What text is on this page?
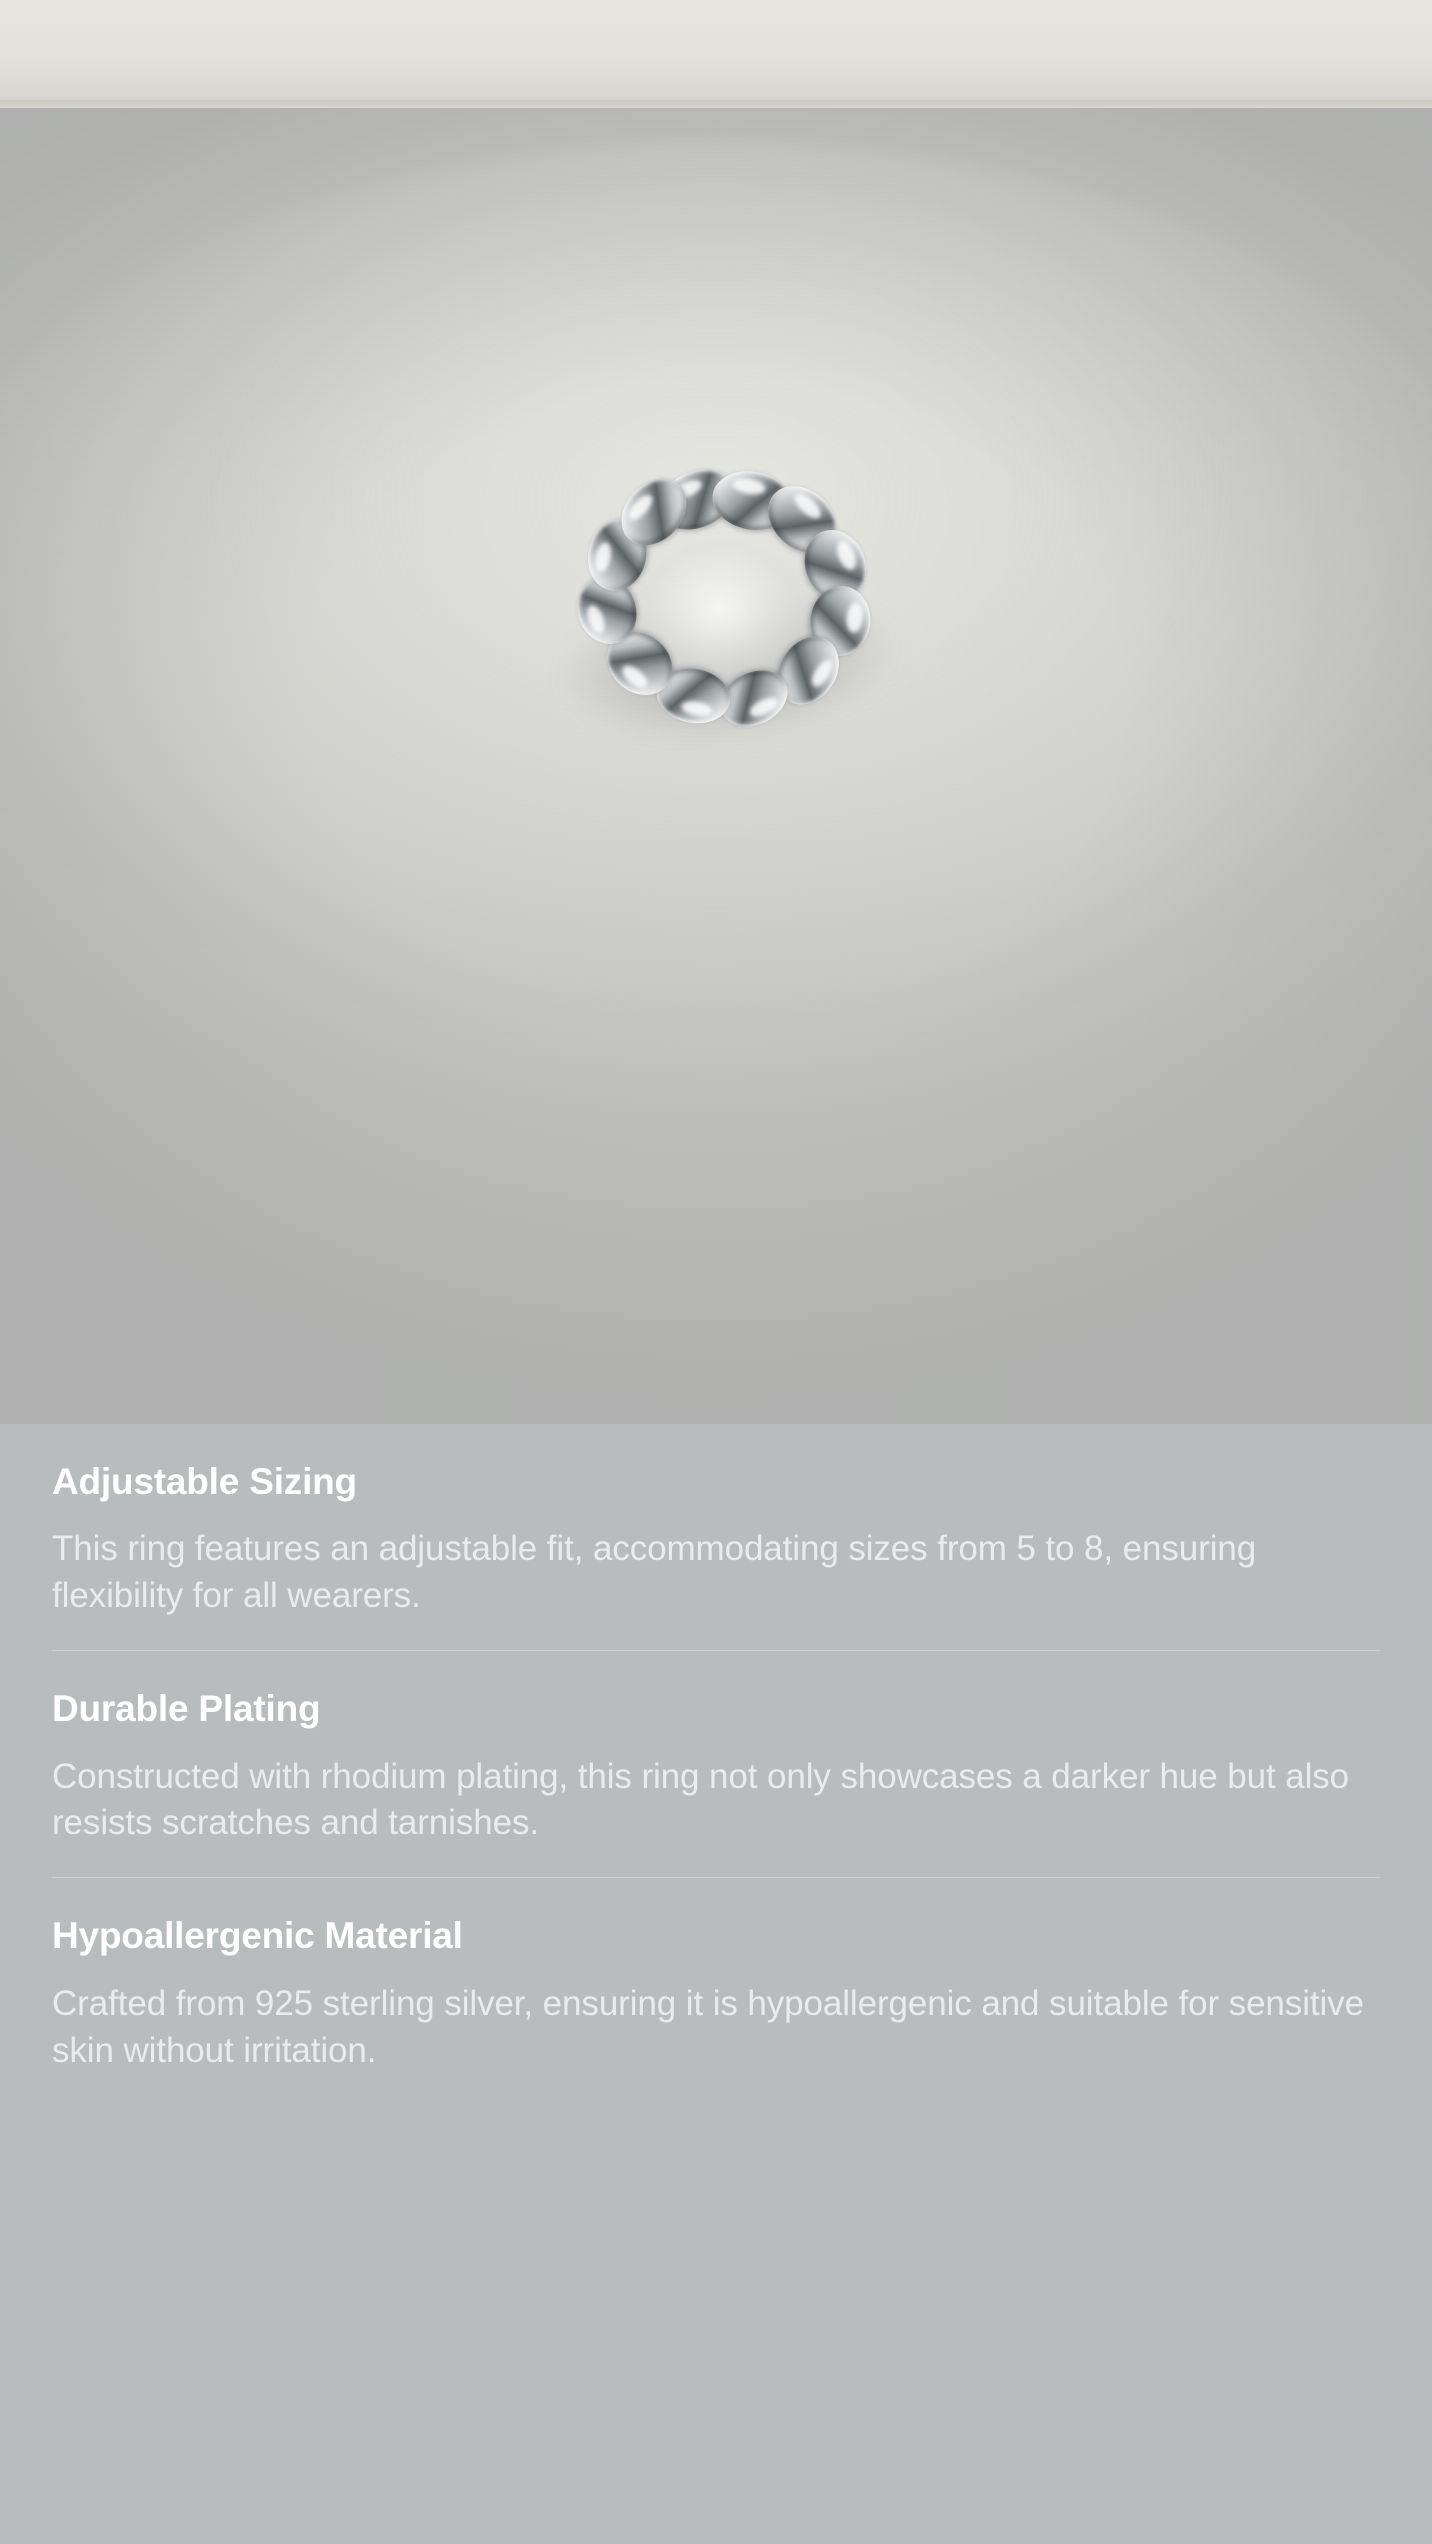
Adjustable Sizing
This ring features an adjustable fit, accommodating sizes from 5 to 8, ensuring flexibility for all wearers.
Durable Plating
Constructed with rhodium plating, this ring not only showcases a darker hue but also resists scratches and tarnishes.
Hypoallergenic Material
Crafted from 925 sterling silver, ensuring it is hypoallergenic and suitable for sensitive skin without irritation.
